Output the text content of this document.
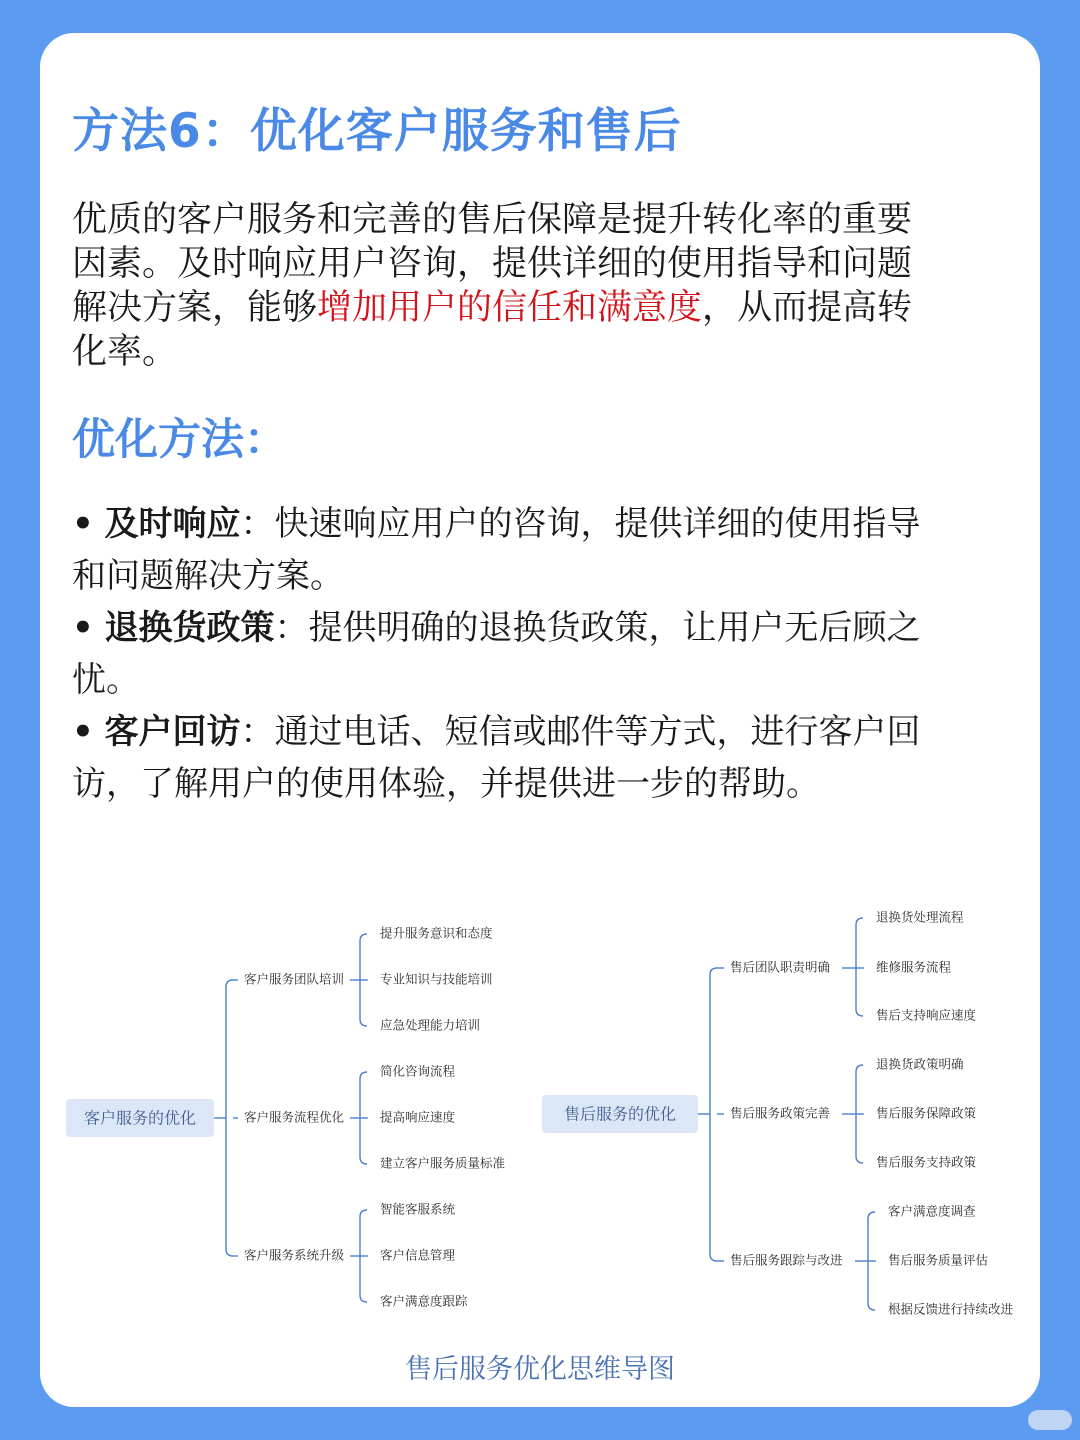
方法6：优化客户服务和售后

优质的客户服务和完善的售后保障是提升转化率的重要因素。及时响应用户咨询，提供详细的使用指导和问题解决方案，能够增加用户的信任和满意度，从而提高转化率。

优化方法：
• 及时响应：快速响应用户的咨询，提供详细的使用指导和问题解决方案。
• 退换货政策：提供明确的退换货政策，让用户无后顾之忧。
• 客户回访：通过电话、短信或邮件等方式，进行客户回访，了解用户的使用体验，并提供进一步的帮助。
客户服务的优化
客户服务团队培训
提升服务意识和态度
专业知识与技能培训
应急处理能力培训
客户服务流程优化
简化咨询流程
提高响应速度
建立客户服务质量标准
客户服务系统升级
智能客服系统
客户信息管理
客户满意度跟踪
售后服务的优化
售后团队职责明确
退换货处理流程
维修服务流程
售后支持响应速度
售后服务政策完善
退换货政策明确
售后服务保障政策
售后服务支持政策
售后服务跟踪与改进
客户满意度调查
售后服务质量评估
根据反馈进行持续改进

售后服务优化思维导图
